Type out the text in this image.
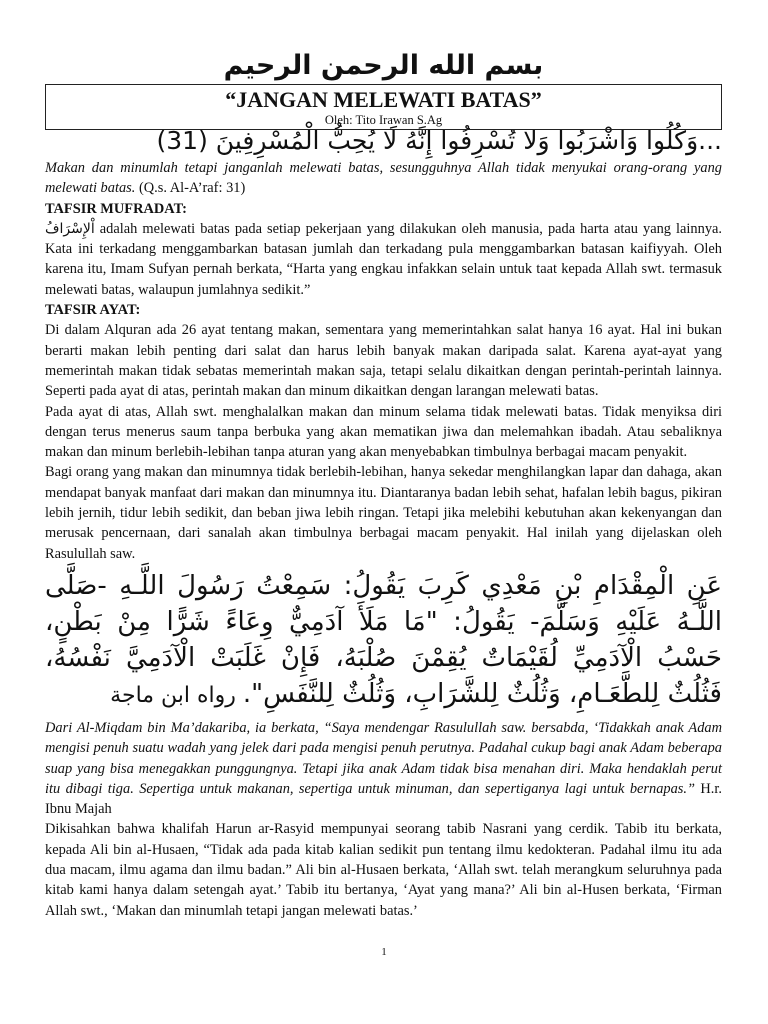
بسم الله الرحمن الرحيم
“JANGAN MELEWATI BATAS”
Oleh: Tito Irawan S.Ag
...وَكُلُوا وَاشْرَبُوا وَلا تُسْرِفُوا إِنَّهُ لَا يُحِبُّ الْمُسْرِفِينَ (31)

Makan dan minumlah tetapi janganlah melewati batas, sesungguhnya Allah tidak menyukai orang-orang yang melewati batas. (Q.s. Al-A’raf: 31)

TAFSIR MUFRADAT:

اْلإِسْرَافُ adalah melewati batas pada setiap pekerjaan yang dilakukan oleh manusia, pada harta atau yang lainnya. Kata ini terkadang menggambarkan batasan jumlah dan terkadang pula menggambarkan batasan kaifiyyah. Oleh karena itu, Imam Sufyan pernah berkata, “Harta yang engkau infakkan selain untuk taat kepada Allah swt. termasuk melewati batas, walaupun jumlahnya sedikit.”

TAFSIR AYAT:

Di dalam Alquran ada 26 ayat tentang makan, sementara yang memerintahkan salat hanya 16 ayat. Hal ini bukan berarti makan lebih penting dari salat dan harus lebih banyak makan daripada salat. Karena ayat-ayat yang memerintah makan tidak sebatas memerintah makan saja, tetapi selalu dikaitkan dengan perintah-perintah lainnya. Seperti pada ayat di atas, perintah makan dan minum dikaitkan dengan larangan melewati batas.

Pada ayat di atas, Allah swt. menghalalkan makan dan minum selama tidak melewati batas. Tidak menyiksa diri dengan terus menerus saum tanpa berbuka yang akan mematikan jiwa dan melemahkan ibadah. Atau sebaliknya makan dan minum berlebih-lebihan tanpa aturan yang akan menyebabkan timbulnya berbagai macam penyakit.

Bagi orang yang makan dan minumnya tidak berlebih-lebihan, hanya sekedar menghilangkan lapar dan dahaga, akan mendapat banyak manfaat dari makan dan minumnya itu. Diantaranya badan lebih sehat, hafalan lebih bagus, pikiran lebih jernih, tidur lebih sedikit, dan beban jiwa lebih ringan. Tetapi jika melebihi kebutuhan akan kekenyangan dan merusak pencernaan, dari sanalah akan timbulnya berbagai macam penyakit. Hal inilah yang dijelaskan oleh Rasulullah saw.

عَنِ الْمِقْدَامِ بْنِ مَعْدِي كَرِبَ يَقُولُ: سَمِعْتُ رَسُولَ اللَّـهِ -صَلَّى اللَّـهُ عَلَيْهِ وَسَلَّمَ- يَقُولُ: "مَا مَلَأَ آدَمِيٌّ وِعَاءً شَرًّا مِنْ بَطْنٍ، حَسْبُ الْآدَمِيِّ لُقَيْمَاتٌ يُقِمْنَ صُلْبَهُ، فَإِنْ غَلَبَتْ الْآدَمِيَّ نَفْسُهُ، فَثُلُثٌ لِلطَّعَـامِ، وَثُلُثٌ لِلشَّرَابِ، وَثُلُثٌ لِلنَّفَسِ". رواه ابن ماجة

Dari Al-Miqdam bin Ma’dakariba, ia berkata, “Saya mendengar Rasulullah saw. bersabda, ‘Tidakkah anak Adam mengisi penuh suatu wadah yang jelek dari pada mengisi penuh perutnya. Padahal cukup bagi anak Adam beberapa suap yang bisa menegakkan punggungnya. Tetapi jika anak Adam tidak bisa menahan diri. Maka hendaklah perut itu dibagi tiga. Sepertiga untuk makanan, sepertiga untuk minuman, dan sepertiganya lagi untuk bernapas.” H.r. Ibnu Majah

Dikisahkan bahwa khalifah Harun ar-Rasyid mempunyai seorang tabib Nasrani yang cerdik. Tabib itu berkata, kepada Ali bin al-Husaen, “Tidak ada pada kitab kalian sedikit pun tentang ilmu kedokteran. Padahal ilmu itu ada dua macam, ilmu agama dan ilmu badan.” Ali bin al-Husaen berkata, ‘Allah swt. telah merangkum seluruhnya pada kitab kami hanya dalam setengah ayat.’ Tabib itu bertanya, ‘Ayat yang mana?’ Ali bin al-Husen berkata, ‘Firman Allah swt., ‘Makan dan minumlah tetapi jangan melewati batas.’

1
